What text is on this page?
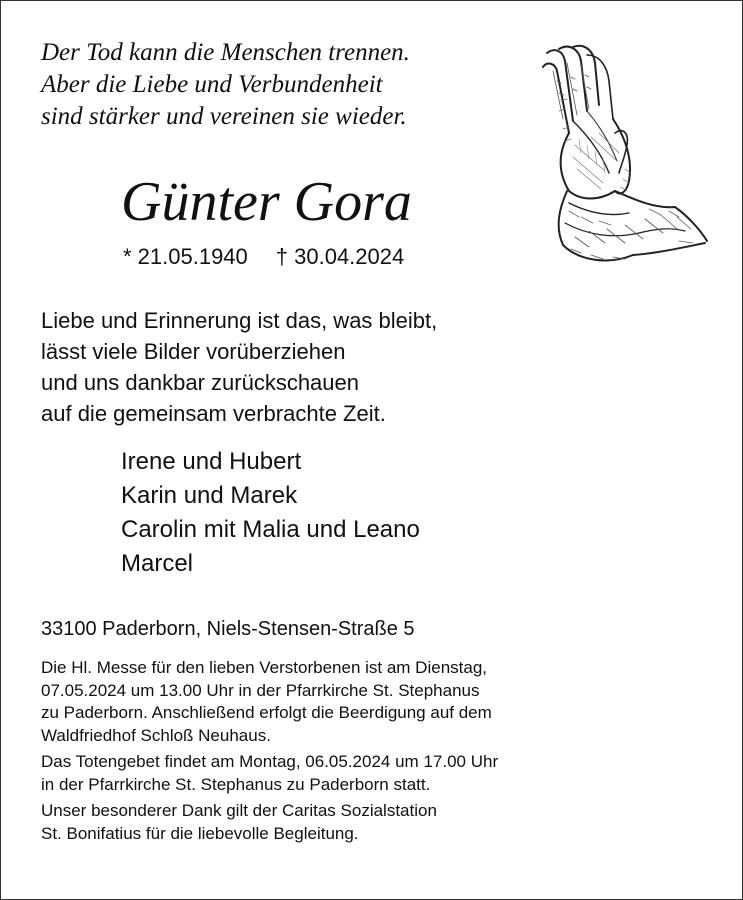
Der Tod kann die Menschen trennen.
Aber die Liebe und Verbundenheit
sind stärker und vereinen sie wieder.
Günter Gora
* 21.05.1940 † 30.04.2024
Liebe und Erinnerung ist das, was bleibt,
lässt viele Bilder vorüberziehen
und uns dankbar zurückschauen
auf die gemeinsam verbrachte Zeit.
Irene und Hubert
Karin und Marek
Carolin mit Malia und Leano
Marcel
33100 Paderborn, Niels-Stensen-Straße 5

Die Hl. Messe für den lieben Verstorbenen ist am Dienstag,
07.05.2024 um 13.00 Uhr in der Pfarrkirche St. Stephanus
zu Paderborn. Anschließend erfolgt die Beerdigung auf dem
Waldfriedhof Schloß Neuhaus.

Das Totengebet findet am Montag, 06.05.2024 um 17.00 Uhr
in der Pfarrkirche St. Stephanus zu Paderborn statt.

Unser besonderer Dank gilt der Caritas Sozialstation
St. Bonifatius für die liebevolle Begleitung.
